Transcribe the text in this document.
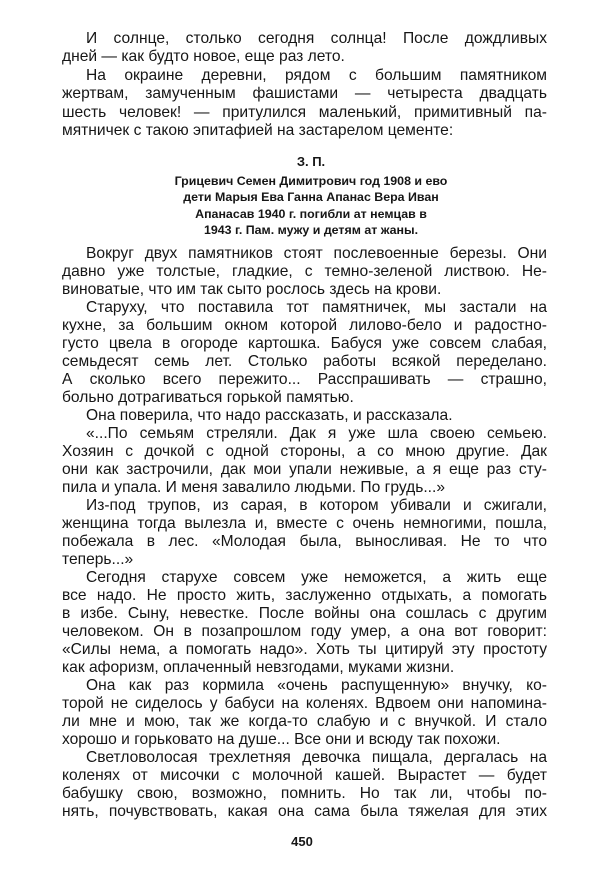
И солнце, столько сегодня солнца! После дождливых
дней — как будто новое, еще раз лето.
На окраине деревни, рядом с большим памятником
жертвам, замученным фашистами — четыреста двадцать
шесть человек! — притулился маленький, примитивный па-
мятничек с такою эпитафией на застарелом цементе:
З. П.
Грицевич Семен Димитрович год 1908 и ево
дети Марыя Ева Ганна Апанас Вера Иван
Апанасав 1940 г. погибли ат немцав в
1943 г. Пам. мужу и детям ат жаны.
Вокруг двух памятников стоят послевоенные березы. Они
давно уже толстые, гладкие, с темно-зеленой листвою. Не-
виноватые, что им так сыто рослось здесь на крови.
Старуху, что поставила тот памятничек, мы застали на
кухне, за большим окном которой лилово-бело и радостно-
густо цвела в огороде картошка. Бабуся уже совсем слабая,
семьдесят семь лет. Столько работы всякой переделано.
А сколько всего пережито... Расспрашивать — страшно,
больно дотрагиваться горькой памятью.
Она поверила, что надо рассказать, и рассказала.
«...По семьям стреляли. Дак я уже шла своею семьею.
Хозяин с дочкой с одной стороны, а со мною другие. Дак
они как застрочили, дак мои упали неживые, а я еще раз сту-
пила и упала. И меня завалило людьми. По грудь...»
Из-под трупов, из сарая, в котором убивали и сжигали,
женщина тогда вылезла и, вместе с очень немногими, пошла,
побежала в лес. «Молодая была, выносливая. Не то что
теперь...»
Сегодня старухе совсем уже неможется, а жить еще
все надо. Не просто жить, заслуженно отдыхать, а помогать
в избе. Сыну, невестке. После войны она сошлась с другим
человеком. Он в позапрошлом году умер, а она вот говорит:
«Силы нема, а помогать надо». Хоть ты цитируй эту простоту
как афоризм, оплаченный невзгодами, муками жизни.
Она как раз кормила «очень распущенную» внучку, ко-
торой не сиделось у бабуси на коленях. Вдвоем они напомина-
ли мне и мою, так же когда-то слабую и с внучкой. И стало
хорошо и горьковато на душе... Все они и всюду так похожи.
Светловолосая трехлетняя девочка пищала, дергалась на
коленях от мисочки с молочной кашей. Вырастет — будет
бабушку свою, возможно, помнить. Но так ли, чтобы по-
нять, почувствовать, какая она сама была тяжелая для этих
450
